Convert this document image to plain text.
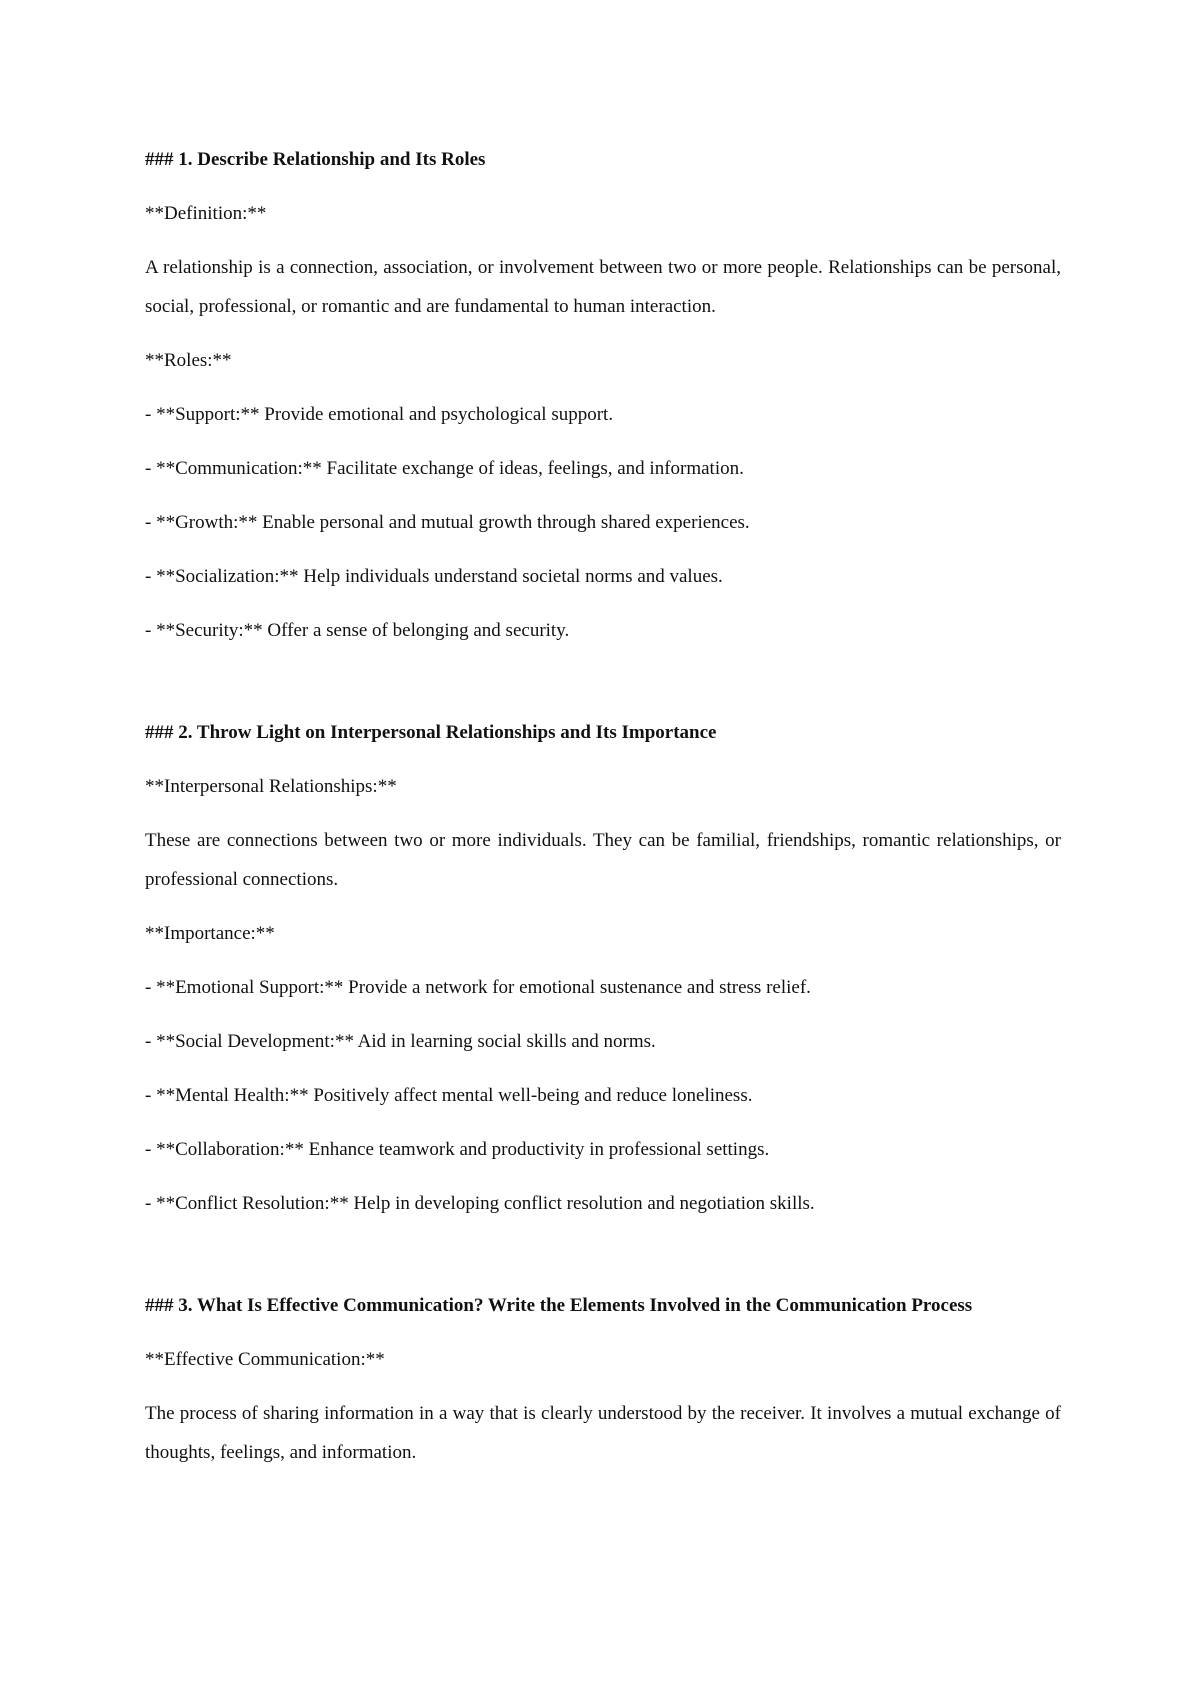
### 1. Describe Relationship and Its Roles
**Definition:**
A relationship is a connection, association, or involvement between two or more people. Relationships can be personal, social, professional, or romantic and are fundamental to human interaction.
**Roles:**
- **Support:** Provide emotional and psychological support.
- **Communication:** Facilitate exchange of ideas, feelings, and information.
- **Growth:** Enable personal and mutual growth through shared experiences.
- **Socialization:** Help individuals understand societal norms and values.
- **Security:** Offer a sense of belonging and security.
### 2. Throw Light on Interpersonal Relationships and Its Importance
**Interpersonal Relationships:**
These are connections between two or more individuals. They can be familial, friendships, romantic relationships, or professional connections.
**Importance:**
- **Emotional Support:** Provide a network for emotional sustenance and stress relief.
- **Social Development:** Aid in learning social skills and norms.
- **Mental Health:** Positively affect mental well-being and reduce loneliness.
- **Collaboration:** Enhance teamwork and productivity in professional settings.
- **Conflict Resolution:** Help in developing conflict resolution and negotiation skills.
### 3. What Is Effective Communication? Write the Elements Involved in the Communication Process
**Effective Communication:**
The process of sharing information in a way that is clearly understood by the receiver. It involves a mutual exchange of thoughts, feelings, and information.
